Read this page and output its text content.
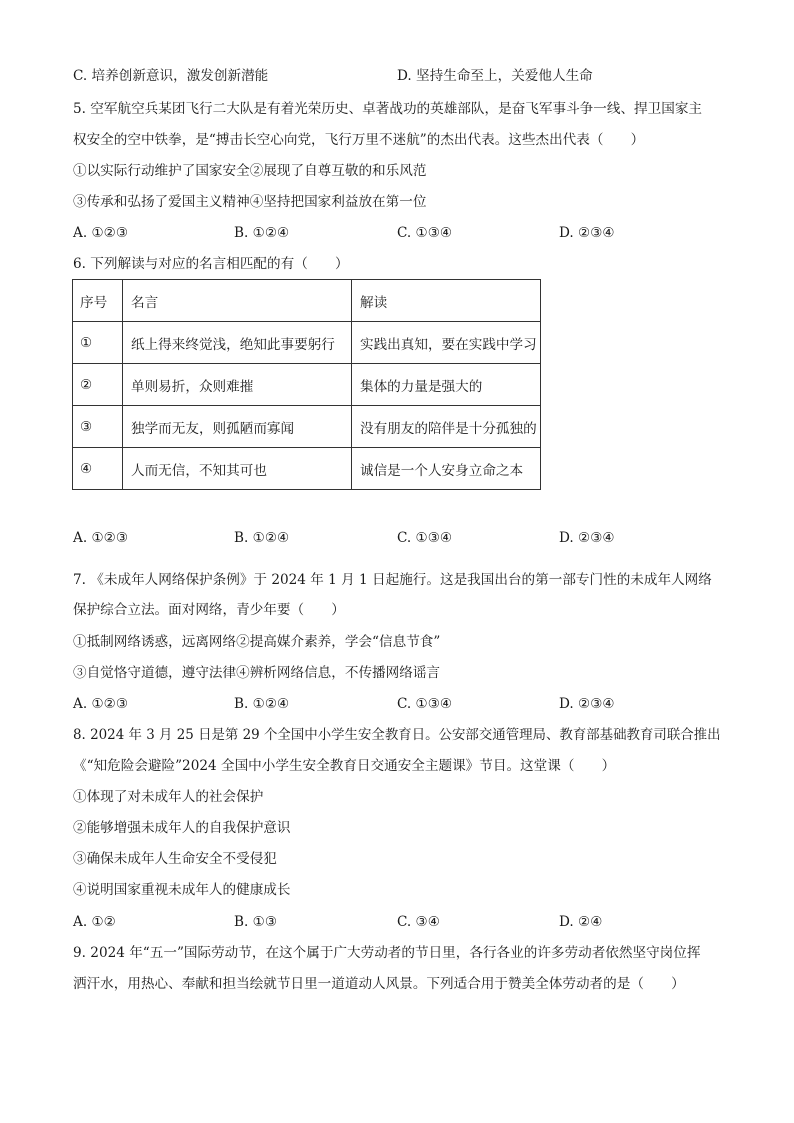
C. 培养创新意识，激发创新潜能	D. 坚持生命至上，关爱他人生命
5. 空军航空兵某团飞行二大队是有着光荣历史、卓著战功的英雄部队，是奋飞军事斗争一线、捍卫国家主
权安全的空中铁拳，是“搏击长空心向党，飞行万里不迷航”的杰出代表。这些杰出代表（　　）
①以实际行动维护了国家安全②展现了自尊互敬的和乐风范
③传承和弘扬了爱国主义精神④坚持把国家利益放在第一位
A. ①②③	B. ①②④	C. ①③④	D. ②③④
6. 下列解读与对应的名言相匹配的有（　　）
序号	名言	解读
①	纸上得来终觉浅，绝知此事要躬行	实践出真知，要在实践中学习
②	单则易折，众则难摧	集体的力量是强大的
③	独学而无友，则孤陋而寡闻	没有朋友的陪伴是十分孤独的
④	人而无信，不知其可也	诚信是一个人安身立命之本
A. ①②③	B. ①②④	C. ①③④	D. ②③④
7. 《未成年人网络保护条例》于 2024 年 1 月 1 日起施行。这是我国出台的第一部专门性的未成年人网络
保护综合立法。面对网络，青少年要（　　）
①抵制网络诱惑，远离网络②提高媒介素养，学会“信息节食”
③自觉恪守道德，遵守法律④辨析网络信息，不传播网络谣言
A. ①②③	B. ①②④	C. ①③④	D. ②③④
8. 2024 年 3 月 25 日是第 29 个全国中小学生安全教育日。公安部交通管理局、教育部基础教育司联合推出
《“知危险会避险”2024 全国中小学生安全教育日交通安全主题课》节目。这堂课（　　）
①体现了对未成年人的社会保护
②能够增强未成年人的自我保护意识
③确保未成年人生命安全不受侵犯
④说明国家重视未成年人的健康成长
A. ①②	B. ①③	C. ③④	D. ②④
9. 2024 年“五一”国际劳动节，在这个属于广大劳动者的节日里，各行各业的许多劳动者依然坚守岗位挥
洒汗水，用热心、奉献和担当绘就节日里一道道动人风景。下列适合用于赞美全体劳动者的是（　　）
